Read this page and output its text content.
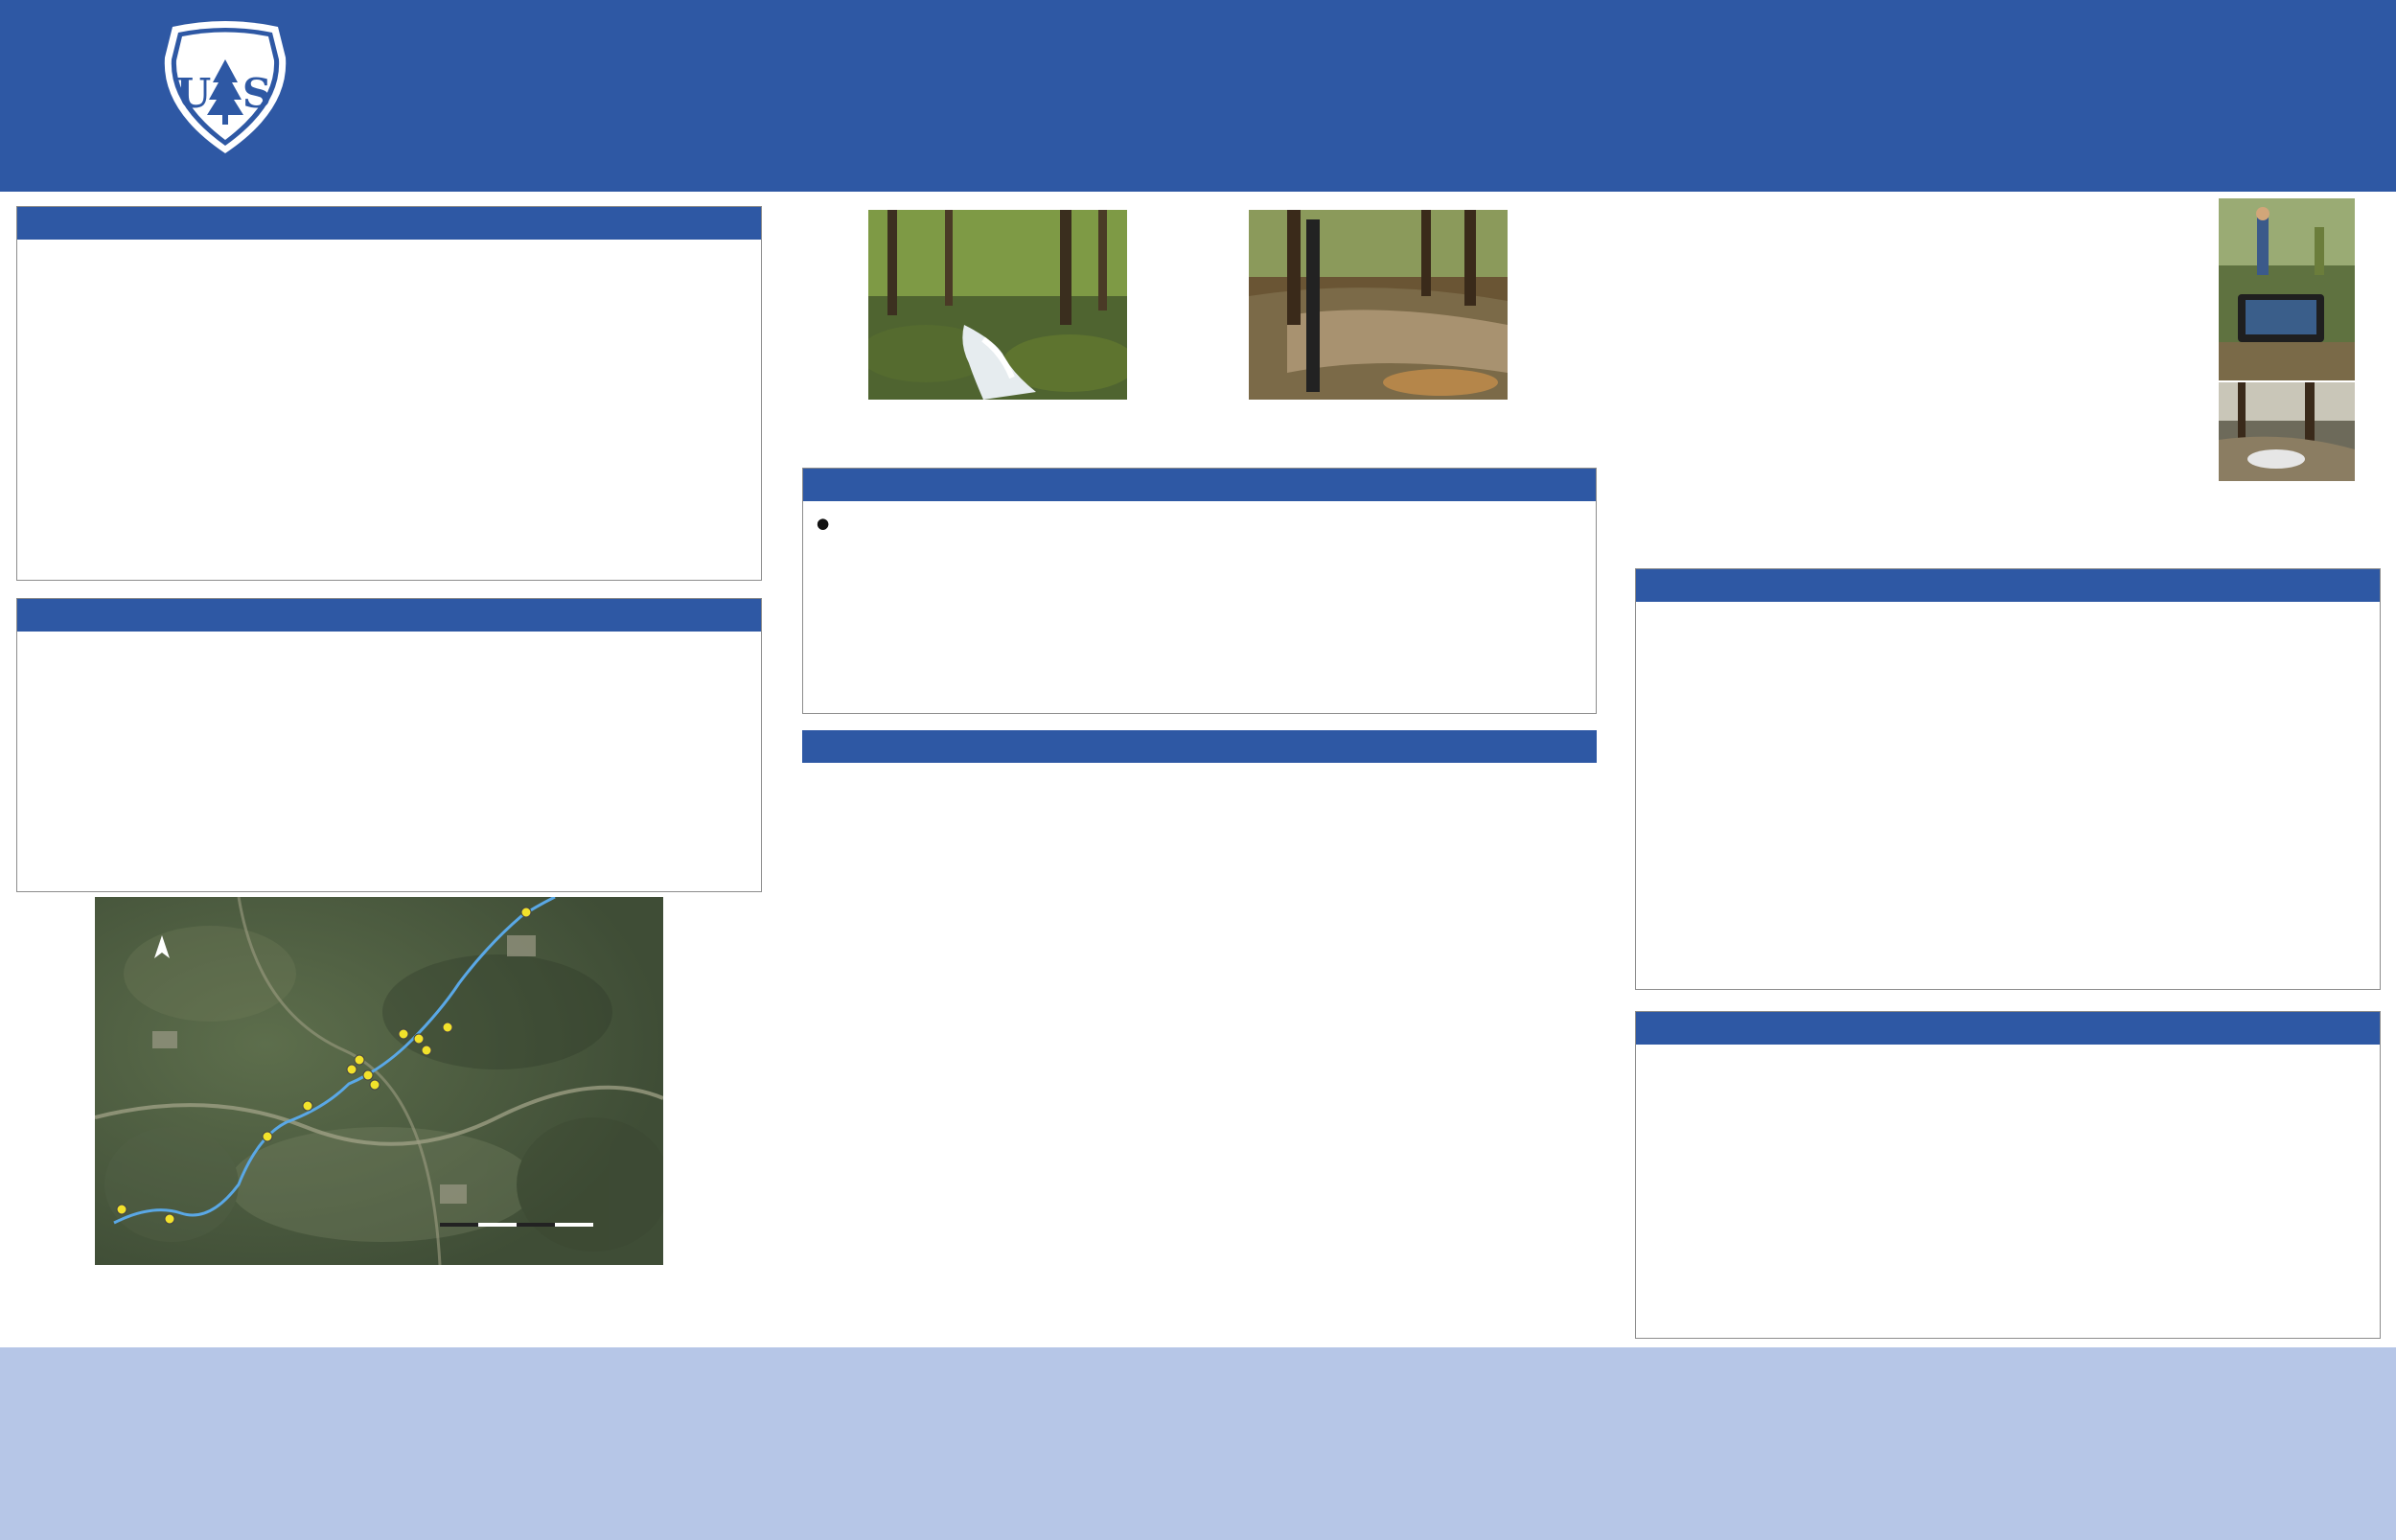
U S
